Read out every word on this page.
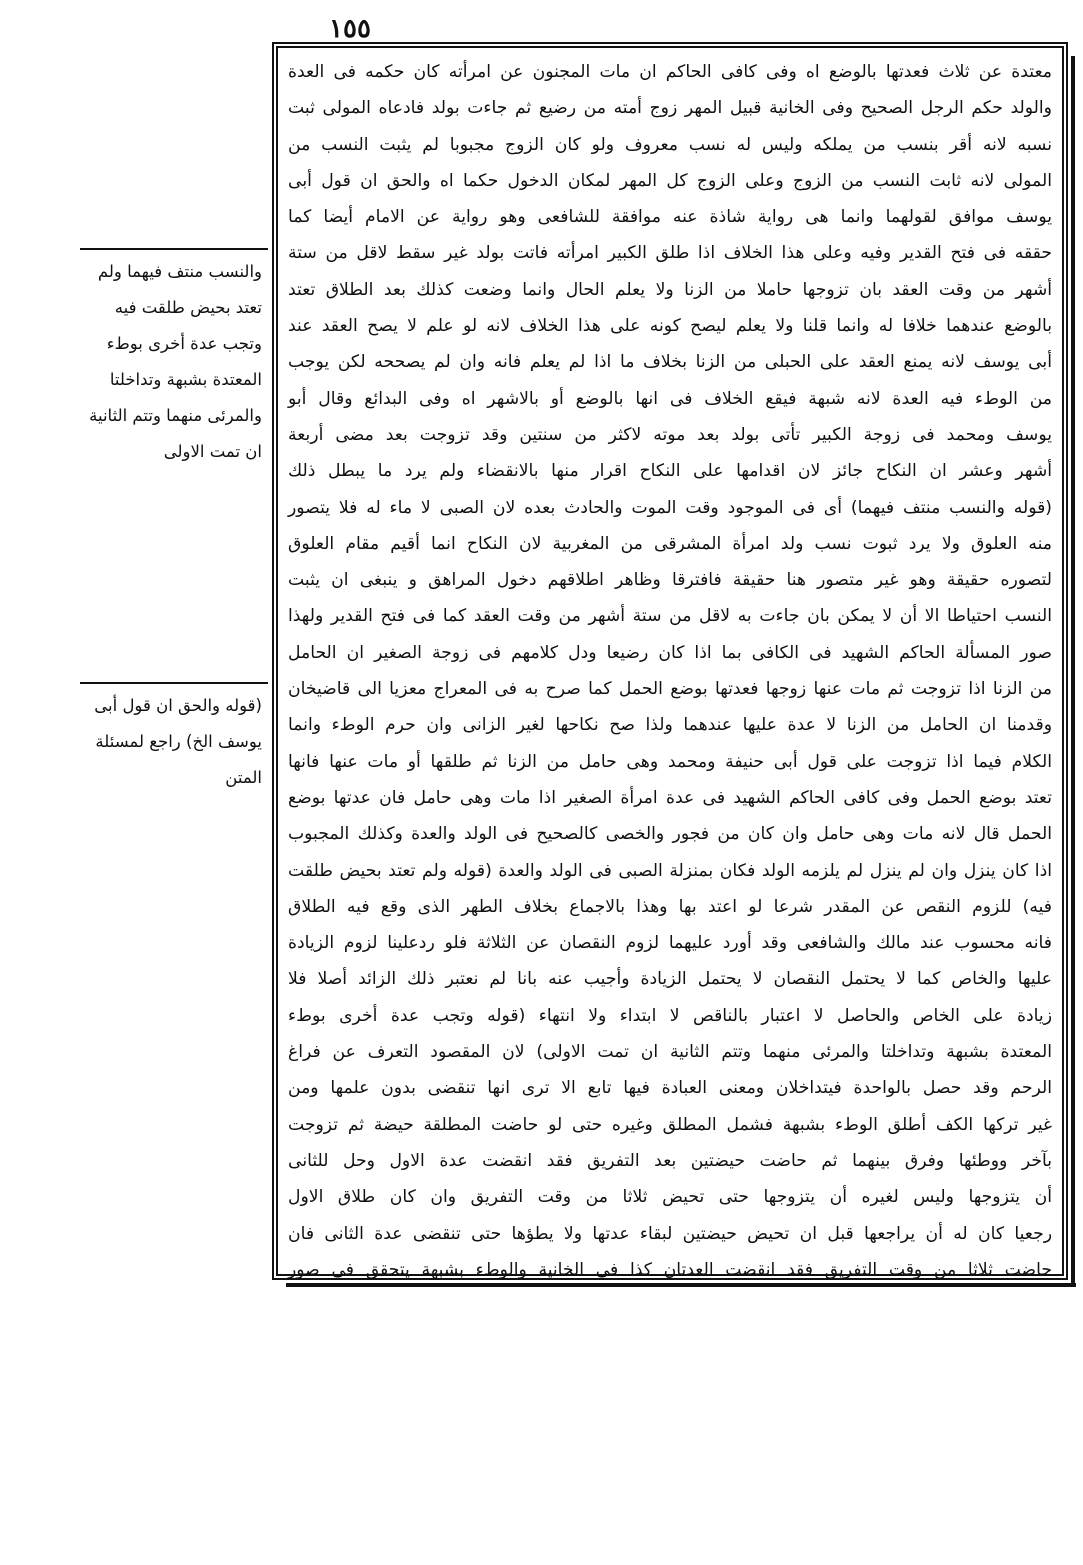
١٥٥
والنسب منتف فيهما ولم
تعتد بحيض طلقت فيه
وتجب عدة أخرى بوطء
المعتدة بشبهة وتداخلتا
والمرئى منهما وتتم الثانية
ان تمت الاولى
(قوله والحق ان قول أبى
يوسف الخ) راجع لمسئلة
المتن
معتدة عن ثلاث فعدتها بالوضع اه وفى كافى الحاكم ان مات المجنون عن امرأته كان حكمه فى العدة
والولد حكم الرجل الصحيح وفى الخانية قبيل المهر زوج أمته من رضيع ثم جاءت بولد فادعاه المولى ثبت
نسبه لانه أقر بنسب من يملكه وليس له نسب معروف ولو كان الزوج مجبوبا لم يثبت النسب من
المولى لانه ثابت النسب من الزوج وعلى الزوج كل المهر لمكان الدخول حكما اه والحق ان قول أبى
يوسف موافق لقولهما وانما هى رواية شاذة عنه موافقة للشافعى وهو رواية عن الامام أيضا كما
حققه فى فتح القدير وفيه وعلى هذا الخلاف اذا طلق الكبير امرأته فاتت بولد غير سقط لاقل من ستة
أشهر من وقت العقد بان تزوجها حاملا من الزنا ولا يعلم الحال وانما وضعت كذلك بعد الطلاق تعتد
بالوضع عندهما خلافا له وانما قلنا ولا يعلم ليصح كونه على هذا الخلاف لانه لو علم لا يصح العقد عند
أبى يوسف لانه يمنع العقد على الحبلى من الزنا بخلاف ما اذا لم يعلم فانه وان لم يصححه لكن يوجب
من الوطء فيه العدة لانه شبهة فيقع الخلاف فى انها بالوضع أو بالاشهر اه وفى البدائع وقال أبو
يوسف ومحمد فى زوجة الكبير تأتى بولد بعد موته لاكثر من سنتين وقد تزوجت بعد مضى أربعة
أشهر وعشر ان النكاح جائز لان اقدامها على النكاح اقرار منها بالانقضاء ولم يرد ما يبطل ذلك
(قوله والنسب منتف فيهما) أى فى الموجود وقت الموت والحادث بعده لان الصبى لا ماء له فلا يتصور
منه العلوق ولا يرد ثبوت نسب ولد امرأة المشرقى من المغربية لان النكاح انما أقيم مقام العلوق
لتصوره حقيقة وهو غير متصور هنا حقيقة فافترقا وظاهر اطلاقهم دخول المراهق و ينبغى ان يثبت
النسب احتياطا الا أن لا يمكن بان جاءت به لاقل من ستة أشهر من وقت العقد كما فى فتح القدير ولهذا
صور المسألة الحاكم الشهيد فى الكافى بما اذا كان رضيعا ودل كلامهم فى زوجة الصغير ان الحامل
من الزنا اذا تزوجت ثم مات عنها زوجها فعدتها بوضع الحمل كما صرح به فى المعراج معزيا الى قاضيخان
وقدمنا ان الحامل من الزنا لا عدة عليها عندهما ولذا صح نكاحها لغير الزانى وان حرم الوطء وانما
الكلام فيما اذا تزوجت على قول أبى حنيفة ومحمد وهى حامل من الزنا ثم طلقها أو مات عنها فانها
تعتد بوضع الحمل وفى كافى الحاكم الشهيد فى عدة امرأة الصغير اذا مات وهى حامل فان عدتها بوضع
الحمل قال لانه مات وهى حامل وان كان من فجور والخصى كالصحيح فى الولد والعدة وكذلك المجبوب
اذا كان ينزل وان لم ينزل لم يلزمه الولد فكان بمنزلة الصبى فى الولد والعدة (قوله ولم تعتد بحيض طلقت
فيه) للزوم النقص عن المقدر شرعا لو اعتد بها وهذا بالاجماع بخلاف الطهر الذى وقع فيه الطلاق
فانه محسوب عند مالك والشافعى وقد أورد عليهما لزوم النقصان عن الثلاثة فلو ردعلينا لزوم الزيادة
عليها والخاص كما لا يحتمل النقصان لا يحتمل الزيادة وأجيب عنه بانا لم نعتبر ذلك الزائد أصلا فلا
زيادة على الخاص والحاصل لا اعتبار بالناقص لا ابتداء ولا انتهاء (قوله وتجب عدة أخرى بوطء
المعتدة بشبهة وتداخلتا والمرئى منهما وتتم الثانية ان تمت الاولى) لان المقصود التعرف عن فراغ
الرحم وقد حصل بالواحدة فيتداخلان ومعنى العبادة فيها تابع الا ترى انها تنقضى بدون علمها ومن
غير تركها الكف أطلق الوطء بشبهة فشمل المطلق وغيره حتى لو حاضت المطلقة حيضة ثم تزوجت
بآخر ووطئها وفرق بينهما ثم حاضت حيضتين بعد التفريق فقد انقضت عدة الاول وحل للثانى
أن يتزوجها وليس لغيره أن يتزوجها حتى تحيض ثلاثا من وقت التفريق وان كان طلاق الاول
رجعيا كان له أن يراجعها قبل ان تحيض حيضتين لبقاء عدتها ولا يطؤها حتى تنقضى عدة الثانى فان
حاضت ثلاثا من وقت التفريق فقد انقضت العدتان كذا فى الخانية والوطء بشبهة يتحقق فى صور
